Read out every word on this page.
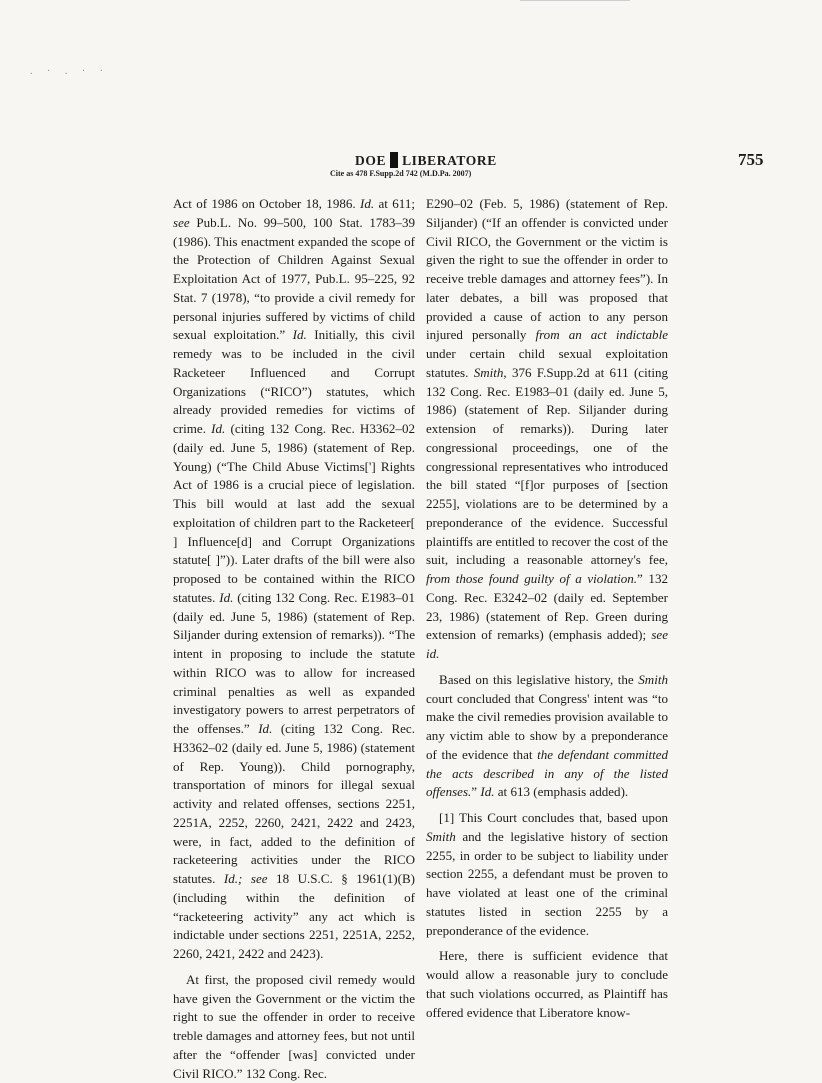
. · . · ·
DOE LIBERATORE
Cite as 478 F.Supp.2d 742 (M.D.Pa. 2007)
755

Act of 1986 on October 18, 1986. Id. at 611; see Pub.L. No. 99–500, 100 Stat. 1783–39 (1986). This enactment expanded the scope of the Protection of Children Against Sexual Exploitation Act of 1977, Pub.L. 95–225, 92 Stat. 7 (1978), “to provide a civil remedy for personal injuries suffered by victims of child sexual exploitation.” Id. Initially, this civil remedy was to be included in the civil Racketeer Influenced and Corrupt Organizations (“RICO”) statutes, which already provided remedies for victims of crime. Id. (citing 132 Cong. Rec. H3362–02 (daily ed. June 5, 1986) (statement of Rep. Young) (“The Child Abuse Victims['] Rights Act of 1986 is a crucial piece of legislation. This bill would at last add the sexual exploitation of children part to the Racketeer[ ] Influence[d] and Corrupt Organizations statute[ ]”)). Later drafts of the bill were also proposed to be contained within the RICO statutes. Id. (citing 132 Cong. Rec. E1983–01 (daily ed. June 5, 1986) (statement of Rep. Siljander during extension of remarks)). “The intent in proposing to include the statute within RICO was to allow for increased criminal penalties as well as expanded investigatory powers to arrest perpetrators of the offenses.” Id. (citing 132 Cong. Rec. H3362–02 (daily ed. June 5, 1986) (statement of Rep. Young)). Child pornography, transportation of minors for illegal sexual activity and related offenses, sections 2251, 2251A, 2252, 2260, 2421, 2422 and 2423, were, in fact, added to the definition of racketeering activities under the RICO statutes. Id.; see 18 U.S.C. § 1961(1)(B) (including within the definition of “racketeering activity” any act which is indictable under sections 2251, 2251A, 2252, 2260, 2421, 2422 and 2423).

At first, the proposed civil remedy would have given the Government or the victim the right to sue the offender in order to receive treble damages and attorney fees, but not until after the “offender [was] convicted under Civil RICO.” 132 Cong. Rec.

E290–02 (Feb. 5, 1986) (statement of Rep. Siljander) (“If an offender is convicted under Civil RICO, the Government or the victim is given the right to sue the offender in order to receive treble damages and attorney fees”). In later debates, a bill was proposed that provided a cause of action to any person injured personally from an act indictable under certain child sexual exploitation statutes. Smith, 376 F.Supp.2d at 611 (citing 132 Cong. Rec. E1983–01 (daily ed. June 5, 1986) (statement of Rep. Siljander during extension of remarks)). During later congressional proceedings, one of the congressional representatives who introduced the bill stated “[f]or purposes of [section 2255], violations are to be determined by a preponderance of the evidence. Successful plaintiffs are entitled to recover the cost of the suit, including a reasonable attorney's fee, from those found guilty of a violation.” 132 Cong. Rec. E3242–02 (daily ed. September 23, 1986) (statement of Rep. Green during extension of remarks) (emphasis added); see id.

Based on this legislative history, the Smith court concluded that Congress' intent was “to make the civil remedies provision available to any victim able to show by a preponderance of the evidence that the defendant committed the acts described in any of the listed offenses.” Id. at 613 (emphasis added).

[1] This Court concludes that, based upon Smith and the legislative history of section 2255, in order to be subject to liability under section 2255, a defendant must be proven to have violated at least one of the criminal statutes listed in section 2255 by a preponderance of the evidence.

Here, there is sufficient evidence that would allow a reasonable jury to conclude that such violations occurred, as Plaintiff has offered evidence that Liberatore know-
